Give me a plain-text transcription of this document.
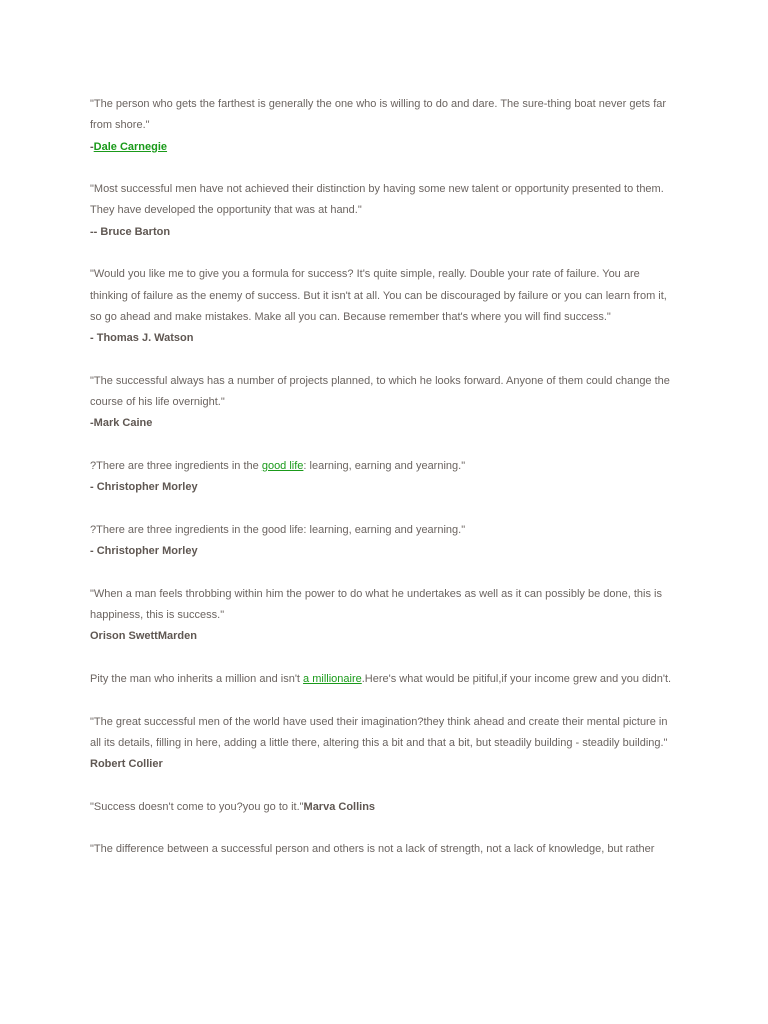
"The person who gets the farthest is generally the one who is willing to do and dare. The sure-thing boat never gets far from shore."

-Dale Carnegie

"Most successful men have not achieved their distinction by having some new talent or opportunity presented to them. They have developed the opportunity that was at hand."

-- Bruce Barton

"Would you like me to give you a formula for success? It's quite simple, really. Double your rate of failure. You are thinking of failure as the enemy of success. But it isn't at all. You can be discouraged by failure or you can learn from it, so go ahead and make mistakes. Make all you can. Because remember that's where you will find success."

- Thomas J. Watson

"The successful always has a number of projects planned, to which he looks forward. Anyone of them could change the course of his life overnight."

-Mark Caine

?There are three ingredients in the good life: learning, earning and yearning."

- Christopher Morley

?There are three ingredients in the good life: learning, earning and yearning."

- Christopher Morley

"When a man feels throbbing within him the power to do what he undertakes as well as it can possibly be done, this is happiness, this is success."

Orison SwettMarden

Pity the man who inherits a million and isn't a millionaire.Here's what would be pitiful,if your income grew and you didn't.

"The great successful men of the world have used their imagination?they think ahead and create their mental picture in all its details, filling in here, adding a little there, altering this a bit and that a bit, but steadily building - steadily building."

Robert Collier

"Success doesn't come to you?you go to it."Marva Collins

"The difference between a successful person and others is not a lack of strength, not a lack of knowledge, but rather
